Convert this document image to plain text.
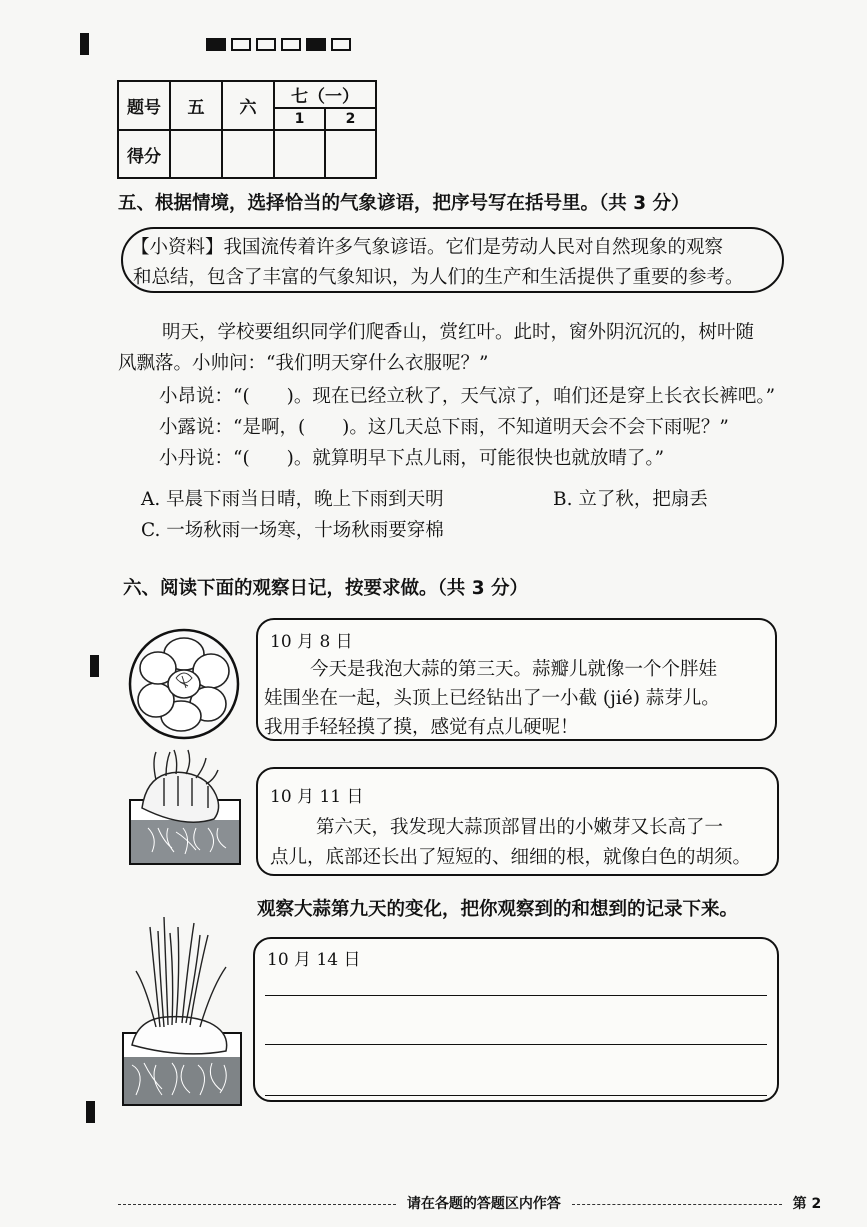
题号	五	六	七（一）	
			1	2
得分				
五、根据情境，选择恰当的气象谚语，把序号写在括号里。（共 3 分）
【小资料】我国流传着许多气象谚语。它们是劳动人民对自然现象的观察
和总结，包含了丰富的气象知识，为人们的生产和生活提供了重要的参考。
明天，学校要组织同学们爬香山，赏红叶。此时，窗外阴沉沉的，树叶随
风飘落。小帅问：“我们明天穿什么衣服呢？”
小昂说：“(　　)。现在已经立秋了，天气凉了，咱们还是穿上长衣长裤吧。”
小露说：“是啊，(　　)。这几天总下雨，不知道明天会不会下雨呢？”
小丹说：“(　　)。就算明早下点儿雨，可能很快也就放晴了。”
A. 早晨下雨当日晴，晚上下雨到天明	B. 立了秋，把扇丢
C. 一场秋雨一场寒，十场秋雨要穿棉
六、阅读下面的观察日记，按要求做。（共 3 分）
10 月 8 日
今天是我泡大蒜的第三天。蒜瓣儿就像一个个胖娃
娃围坐在一起，头顶上已经钻出了一小截 (jié) 蒜芽儿。
我用手轻轻摸了摸，感觉有点儿硬呢！
10 月 11 日
第六天，我发现大蒜顶部冒出的小嫩芽又长高了一
点儿，底部还长出了短短的、细细的根，就像白色的胡须。
观察大蒜第九天的变化，把你观察到的和想到的记录下来。
10 月 14 日
请在各题的答题区内作答	第 2
